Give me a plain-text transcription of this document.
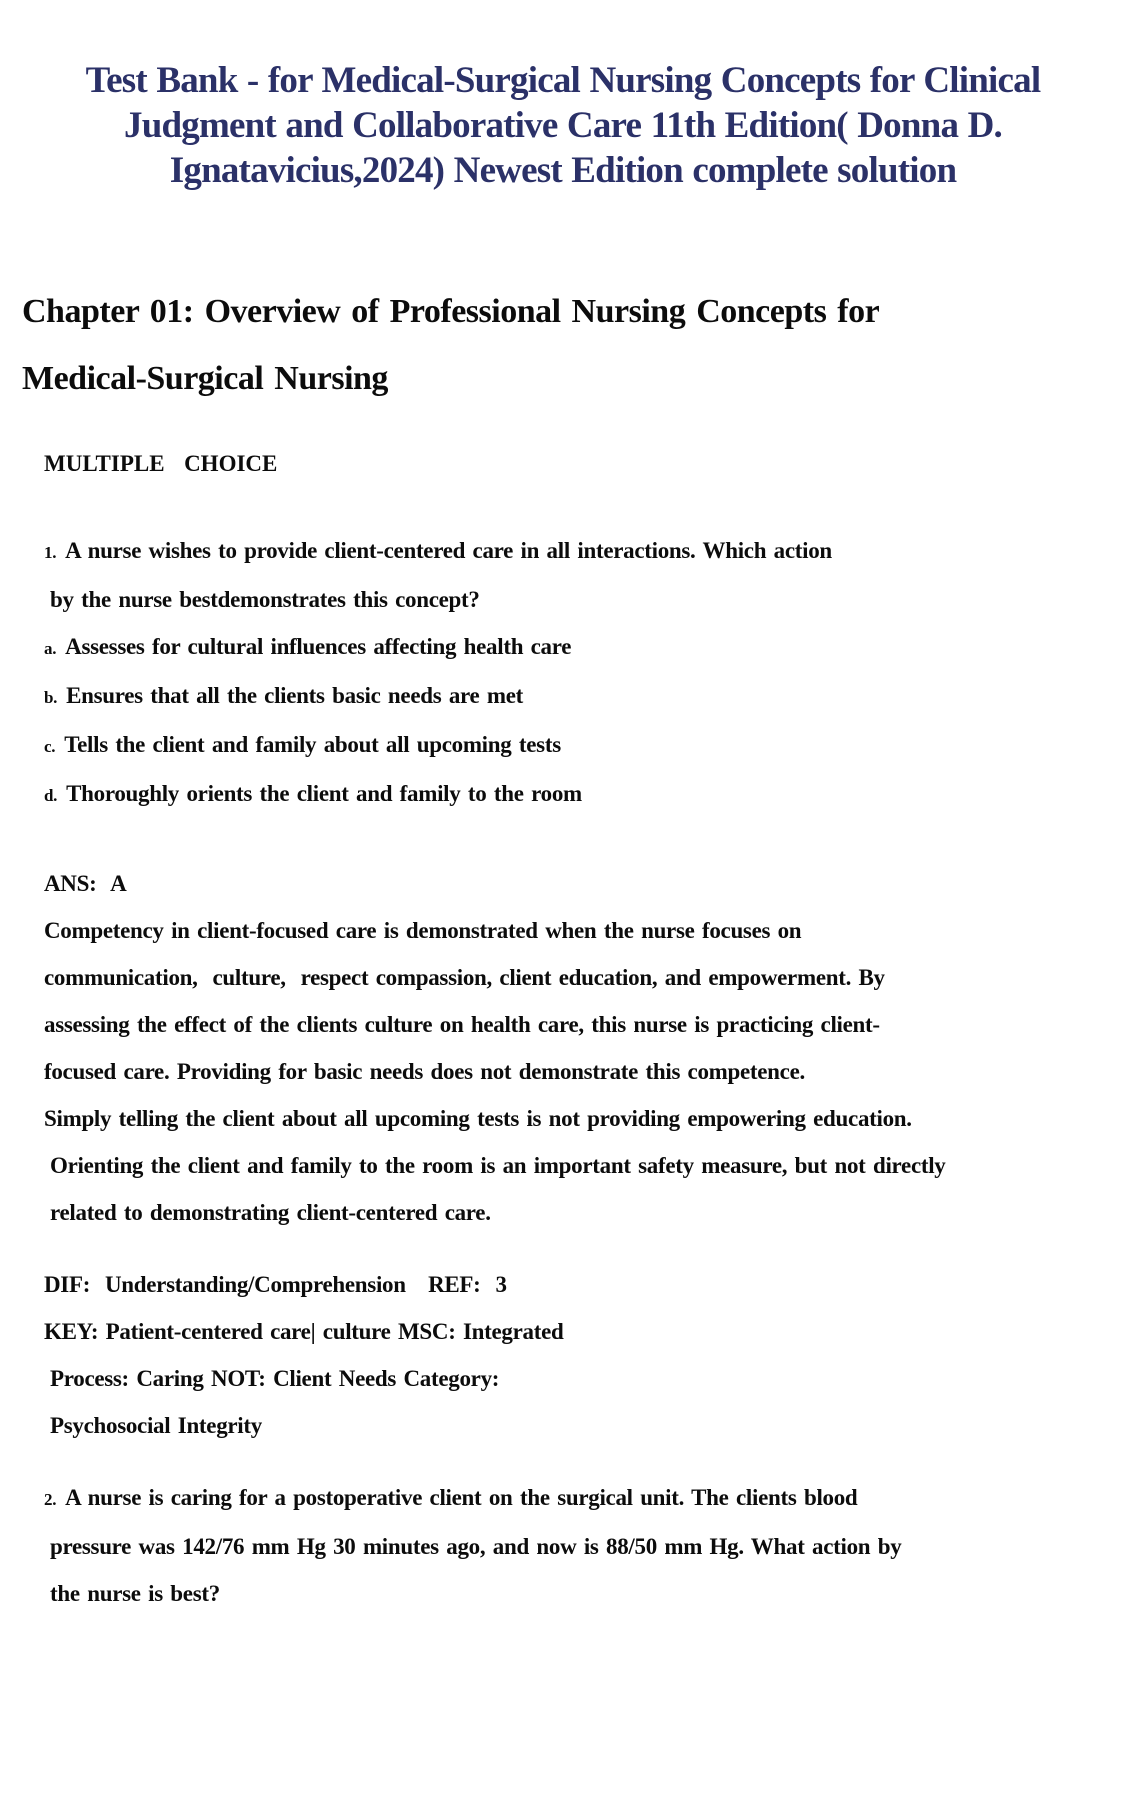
Test Bank - for Medical-Surgical Nursing Concepts for Clinical
Judgment and Collaborative Care 11th Edition( Donna D.
Ignatavicius,2024) Newest Edition complete solution
Chapter 01: Overview of Professional Nursing Concepts for
Medical-Surgical Nursing
MULTIPLE  CHOICE
1. A nurse wishes to provide client-centered care in all interactions. Which action
by the nurse bestdemonstrates this concept?
a. Assesses for cultural influences affecting health care
b. Ensures that all the clients basic needs are met
c. Tells the client and family about all upcoming tests
d. Thoroughly orients the client and family to the room
ANS:  A
Competency in client-focused care is demonstrated when the nurse focuses on
communication,  culture,  respect compassion, client education, and empowerment. By
assessing the effect of the clients culture on health care, this nurse is practicing client-
focused care. Providing for basic needs does not demonstrate this competence.
Simply telling the client about all upcoming tests is not providing empowering education.
Orienting the client and family to the room is an important safety measure, but not directly
related to demonstrating client-centered care.
DIF:  Understanding/Comprehension   REF:  3
KEY: Patient-centered care| culture MSC: Integrated
Process: Caring NOT: Client Needs Category:
Psychosocial Integrity
2. A nurse is caring for a postoperative client on the surgical unit. The clients blood
pressure was 142/76 mm Hg 30 minutes ago, and now is 88/50 mm Hg. What action by
the nurse is best?
